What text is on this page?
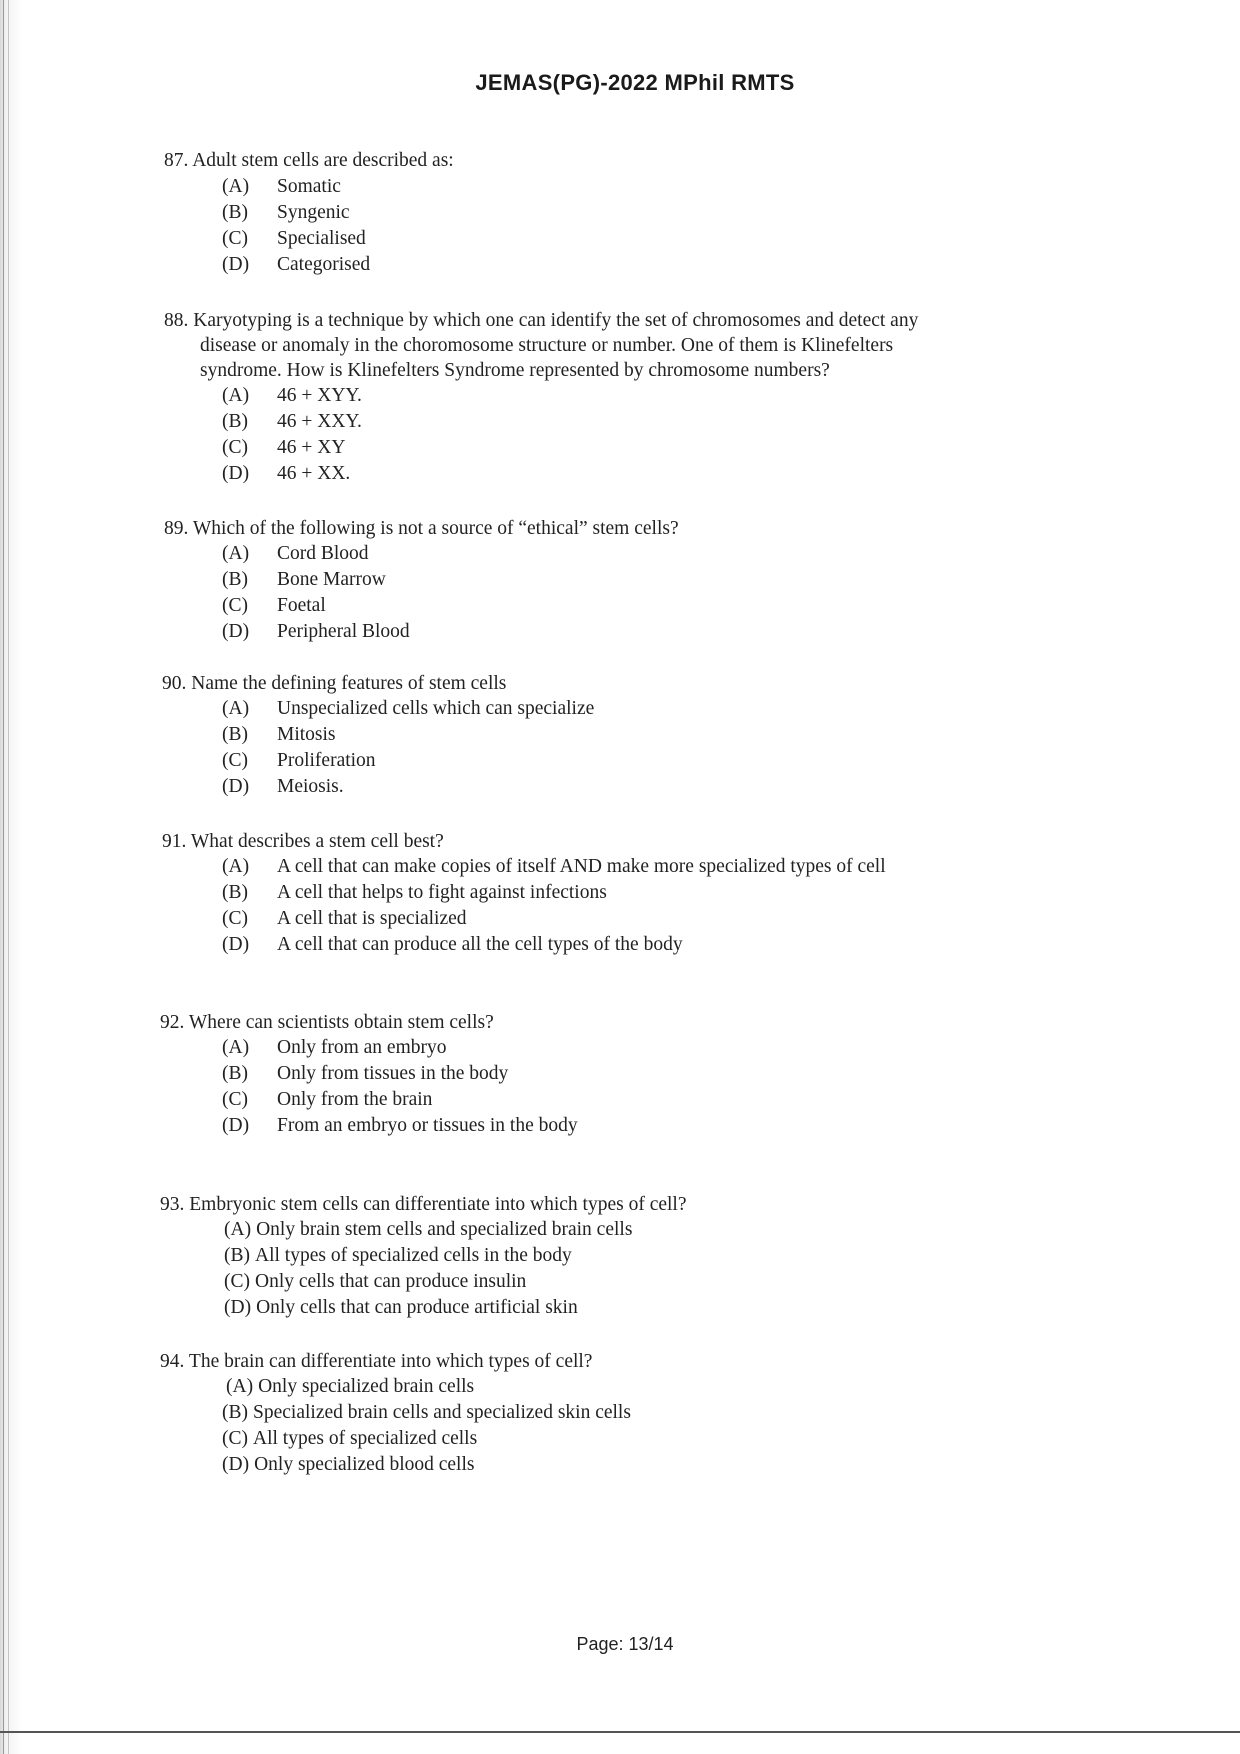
JEMAS(PG)-2022 MPhil RMTS
87. Adult stem cells are described as:
(A) Somatic
(B) Syngenic
(C) Specialised
(D) Categorised
88. Karyotyping is a technique by which one can identify the set of chromosomes and detect any
disease or anomaly in the choromosome structure or number. One of them is Klinefelters
syndrome. How is Klinefelters Syndrome represented by chromosome numbers?
(A) 46 + XYY.
(B) 46 + XXY.
(C) 46 + XY
(D) 46 + XX.
89. Which of the following is not a source of “ethical” stem cells?
(A) Cord Blood
(B) Bone Marrow
(C) Foetal
(D) Peripheral Blood
90. Name the defining features of stem cells
(A) Unspecialized cells which can specialize
(B) Mitosis
(C) Proliferation
(D) Meiosis.
91. What describes a stem cell best?
(A) A cell that can make copies of itself AND make more specialized types of cell
(B) A cell that helps to fight against infections
(C) A cell that is specialized
(D) A cell that can produce all the cell types of the body
92. Where can scientists obtain stem cells?
(A) Only from an embryo
(B) Only from tissues in the body
(C) Only from the brain
(D) From an embryo or tissues in the body
93. Embryonic stem cells can differentiate into which types of cell?
(A) Only brain stem cells and specialized brain cells
(B) All types of specialized cells in the body
(C) Only cells that can produce insulin
(D) Only cells that can produce artificial skin
94. The brain can differentiate into which types of cell?
(A) Only specialized brain cells
(B) Specialized brain cells and specialized skin cells
(C) All types of specialized cells
(D) Only specialized blood cells
Page: 13/14
